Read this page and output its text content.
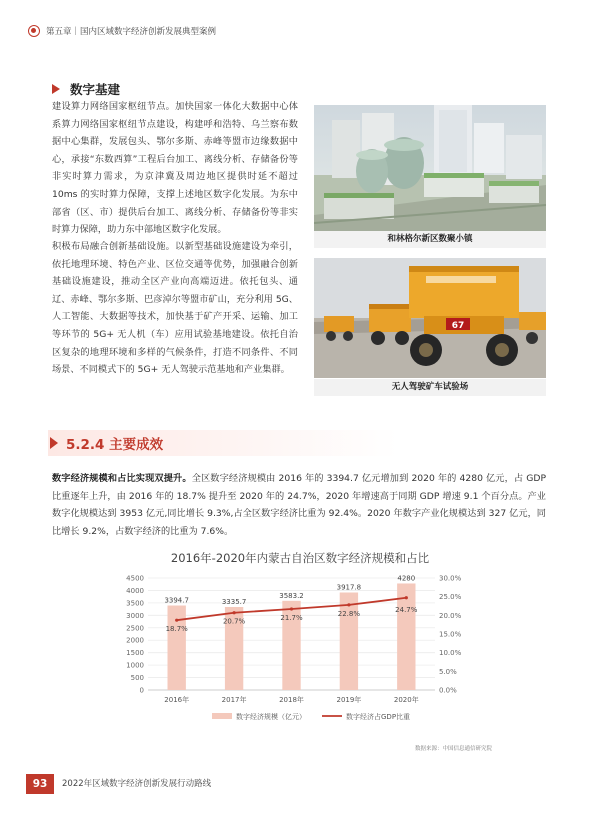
第五章｜国内区域数字经济创新发展典型案例
数字基建

建设算力网络国家枢纽节点。加快国家一体化大数据中心体系算力网络国家枢纽节点建设，构建呼和浩特、乌兰察布数据中心集群，发展包头、鄂尔多斯、赤峰等盟市边缘数据中心，承接“东数西算”工程后台加工、离线分析、存储备份等非实时算力需求，为京津冀及周边地区提供时延不超过 10ms 的实时算力保障，支撑上述地区数字化发展。为东中部省（区、市）提供后台加工、离线分析、存储备份等非实时算力保障，助力东中部地区数字化发展。

积极布局融合创新基础设施。以新型基础设施建设为牵引，依托地理环境、特色产业、区位交通等优势，加强融合创新基础设施建设，推动全区产业向高端迈进。依托包头、通辽、赤峰、鄂尔多斯、巴彦淖尔等盟市矿山，充分利用 5G、人工智能、大数据等技术，加快基于矿产开采、运输、加工等环节的 5G+ 无人机（车）应用试验基地建设。依托自治区复杂的地理环境和多样的气候条件，打造不同条件、不同场景、不同模式下的 5G+ 无人驾驶示范基地和产业集群。

和林格尔新区数聚小镇
67
无人驾驶矿车试验场
5.2.4 主要成效

数字经济规模和占比实现双提升。全区数字经济规模由 2016 年的 3394.7 亿元增加到 2020 年的 4280 亿元，占 GDP 比重逐年上升，由 2016 年的 18.7% 提升至 2020 年的 24.7%，2020 年增速高于同期 GDP 增速 9.1 个百分点。产业数字化规模达到 3953 亿元,同比增长 9.3%,占全区数字经济比重为 92.4%。2020 年数字产业化规模达到 327 亿元，同比增长 9.2%，占数字经济的比重为 7.6%。

2016年-2020年内蒙古自治区数字经济规模和占比
0
500
1000
1500
2000
2500
3000
3500
4000
4500
0.0%
5.0%
10.0%
15.0%
20.0%
25.0%
30.0%
3394.7
2016年
3335.7
2017年
3583.2
2018年
3917.8
2019年
4280
2020年
18.7%
20.7%	21.7%
22.8%
24.7%
数字经济规模（亿元）	数字经济占GDP比重
数据来源：中国信息通信研究院
93	2022年区域数字经济创新发展行动路线
